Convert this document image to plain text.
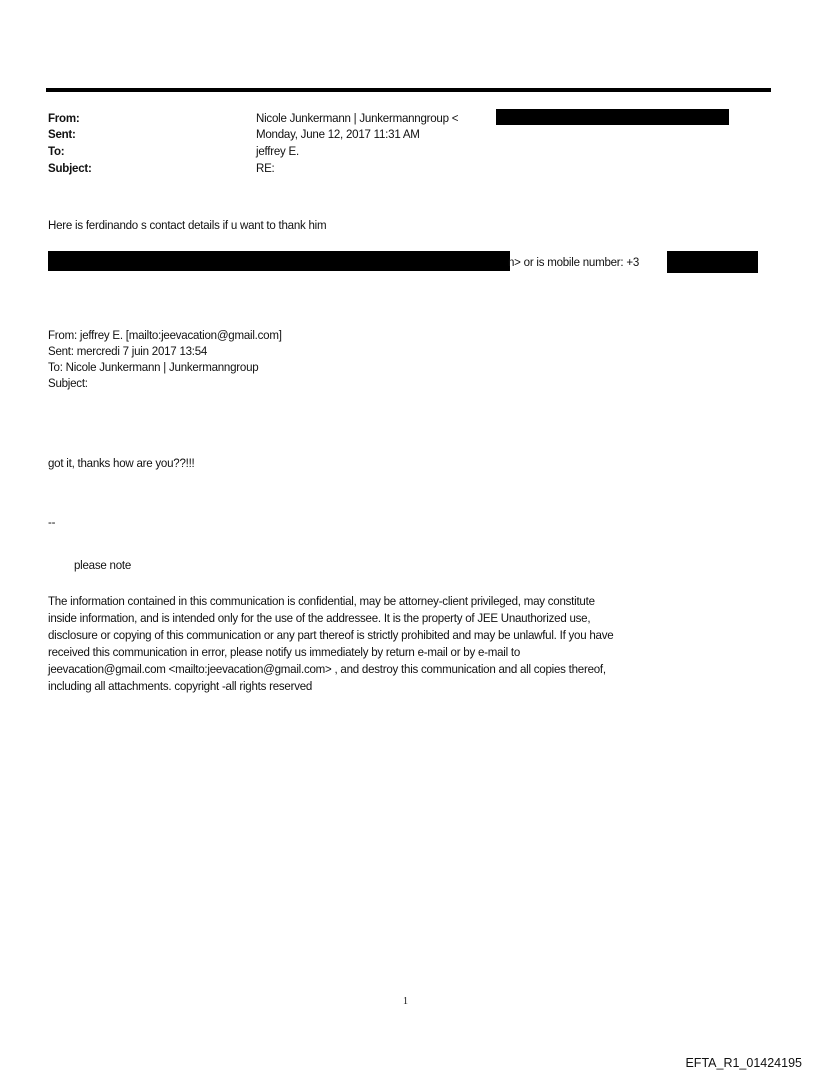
From:	Nicole Junkermann | Junkermanngroup <
Sent:	Monday, June 12, 2017 11:31 AM
To:	jeffrey E.
Subject:	RE:
Here is ferdinando s contact details if u want to thank him
n> or is mobile number: +3
From: jeffrey E. [mailto:jeevacation@gmail.com]
Sent: mercredi 7 juin 2017 13:54
To: Nicole Junkermann | Junkermanngroup
Subject:
got it, thanks how are you??!!!
--
please note
The information contained in this communication is confidential, may be attorney-client privileged, may constitute
inside information, and is intended only for the use of the addressee. It is the property of JEE Unauthorized use,
disclosure or copying of this communication or any part thereof is strictly prohibited and may be unlawful. If you have
received this communication in error, please notify us immediately by return e-mail or by e-mail to
jeevacation@gmail.com <mailto:jeevacation@gmail.com> , and destroy this communication and all copies thereof,
including all attachments. copyright -all rights reserved
1
EFTA_R1_01424195
